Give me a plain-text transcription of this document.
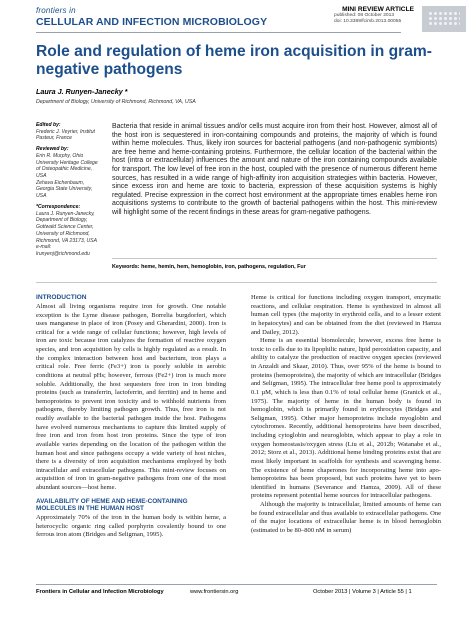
frontiers in
CELLULAR AND INFECTION MICROBIOLOGY
MINI REVIEW ARTICLE
published: 08 October 2013
doi: 10.3389/fcimb.2013.00055
Role and regulation of heme iron acquisition in gram-negative pathogens
Laura J. Runyen-Janecky *
Department of Biology, University of Richmond, Richmond, VA, USA
Edited by:
Frederic J. Veyrier, Institut Pasteur, France
Reviewed by:
Erin R. Murphy, Ohio University Heritage College of Osteopathic Medicine, USA
Zehava Eichenbaum, Georgia State University, USA
*Correspondence:
Laura J. Runyen-Janecky, Department of Biology, Gottwald Science Center, University of Richmond, Richmond, VA 23173, USA
e-mail: lrunyenj@richmond.edu
Bacteria that reside in animal tissues and/or cells must acquire iron from their host. However, almost all of the host iron is sequestered in iron-containing compounds and proteins, the majority of which is found within heme molecules. Thus, likely iron sources for bacterial pathogens (and non-pathogenic symbionts) are free heme and heme-containing proteins. Furthermore, the cellular location of the bacterial within the host (intra or extracellular) influences the amount and nature of the iron containing compounds available for transport. The low level of free iron in the host, coupled with the presence of numerous different heme sources, has resulted in a wide range of high-affinity iron acquisition strategies within bacteria. However, since excess iron and heme are toxic to bacteria, expression of these acquisition systems is highly regulated. Precise expression in the correct host environment at the appropriate times enables heme iron acquisitions systems to contribute to the growth of bacterial pathogens within the host. This mini-review will highlight some of the recent findings in these areas for gram-negative pathogens.
Keywords: heme, hemin, hem, hemoglobin, iron, pathogens, regulation, Fur
INTRODUCTION

Almost all living organisms require iron for growth. One notable exception is the Lyme disease pathogen, Borrelia burgdorferi, which uses manganese in place of iron (Posey and Gherardini, 2000). Iron is critical for a wide range of cellular functions; however, high levels of iron are toxic because iron catalyzes the formation of reactive oxygen species, and iron acquisition by cells is highly regulated as a result. In the complex interaction between host and bacterium, iron plays a critical role. Free ferric (Fe3+) iron is poorly soluble in aerobic conditions at neutral pHs; however, ferrous (Fe2+) iron is much more soluble. Additionally, the host sequesters free iron in iron binding proteins (such as transferrin, lactoferrin, and ferritin) and in heme and hemoproteins to prevent iron toxicity and to withhold nutrients from pathogens, thereby limiting pathogen growth. Thus, free iron is not readily available to the bacterial pathogen inside the host. Pathogens have evolved numerous mechanisms to capture this limited supply of free iron and iron from host iron proteins. Since the type of iron available varies depending on the location of the pathogen within the human host and since pathogens occupy a wide variety of host niches, there is a diversity of iron acquisition mechanisms employed by both intracellular and extracellular pathogens. This mini-review focuses on acquisition of iron in gram-negative pathogens from one of the most abundant sources—host heme.

AVAILABILITY OF HEME AND HEME-CONTAINING MOLECULES IN THE HUMAN HOST

Approximately 70% of the iron in the human body is within heme, a heterocyclic organic ring called porphyrin covalently bound to one ferrous iron atom (Bridges and Seligman, 1995).

Heme is critical for functions including oxygen transport, enzymatic reactions, and cellular respiration. Heme is synthesized in almost all human cell types (the majority in erythroid cells, and to a lesser extent in hepatocytes) and can be obtained from the diet (reviewed in Hamza and Dailey, 2012).

Heme is an essential biomolecule; however, excess free heme is toxic to cells due to its lipophilic nature, lipid peroxidation capacity, and ability to catalyze the production of reactive oxygen species (reviewed in Anzaldi and Skaar, 2010). Thus, over 95% of the heme is bound to proteins (hemoproteins), the majority of which are intracellular (Bridges and Seligman, 1995). The intracellular free heme pool is approximately 0.1 µM, which is less than 0.1% of total cellular heme (Granick et al., 1975). The majority of heme in the human body is found in hemoglobin, which is primarily found in erythrocytes (Bridges and Seligman, 1995). Other major hemoproteins include myoglobin and cytochromes. Recently, additional hemoproteins have been described, including cytoglobin and neuroglobin, which appear to play a role in oxygen homeostasis/oxygen stress (Liu et al., 2012b; Watanabe et al., 2012; Storz et al., 2013). Additional heme binding proteins exist that are most likely important in scaffolds for synthesis and scavenging heme. The existence of heme chaperones for incorporating heme into apo-hemoproteins has been proposed, but such proteins have yet to been identified in humans (Severance and Hamza, 2009). All of these proteins represent potential heme sources for intracellular pathogens.

Although the majority is intracellular, limited amounts of heme can be found extracellular and thus available to extracellular pathogens. One of the major locations of extracellular heme is in blood hemoglobin (estimated to be 80–800 nM in serum)

Frontiers in Cellular and Infection Microbiology	www.frontiersin.org	October 2013 | Volume 3 | Article 55 | 1
